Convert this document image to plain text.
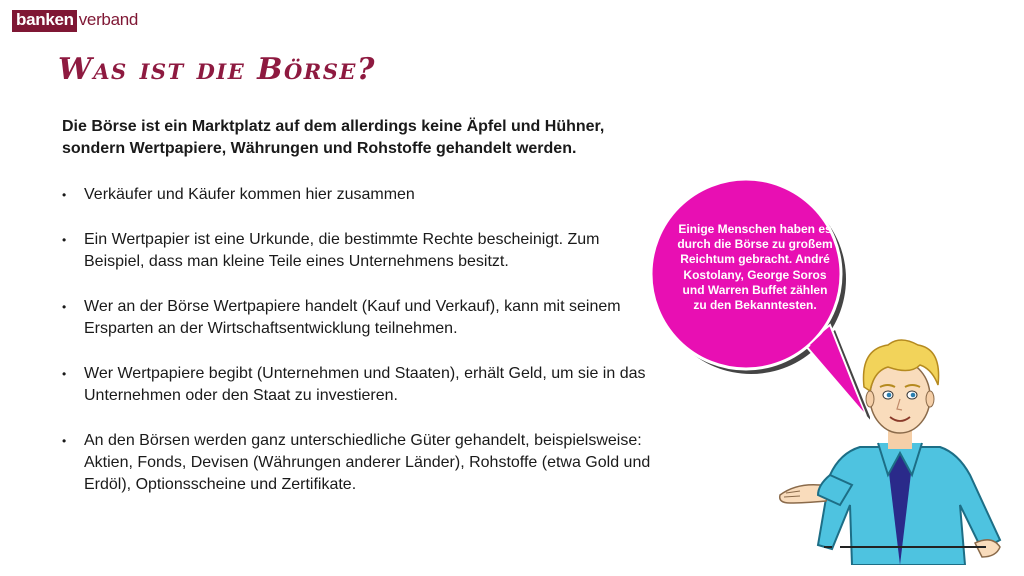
banken verband
Was ist die Börse?

Die Börse ist ein Marktplatz auf dem allerdings keine Äpfel und Hühner, sondern Wertpapiere, Währungen und Rohstoffe gehandelt werden.

• Verkäufer und Käufer kommen hier zusammen
• Ein Wertpapier ist eine Urkunde, die bestimmte Rechte bescheinigt. Zum Beispiel, dass man kleine Teile eines Unternehmens besitzt.
• Wer an der Börse Wertpapiere handelt (Kauf und Verkauf), kann mit seinem Ersparten an der Wirtschaftsentwicklung teilnehmen.
• Wer Wertpapiere begibt (Unternehmen und Staaten), erhält Geld, um sie in das Unternehmen oder den Staat zu investieren.
• An den Börsen werden ganz unterschiedliche Güter gehandelt, beispielsweise: Aktien, Fonds, Devisen (Währungen anderer Länder), Rohstoffe (etwa Gold und Erdöl), Optionsscheine und Zertifikate.
Einige Menschen haben es durch die Börse zu großem Reichtum gebracht. André Kostolany, George Soros und Warren Buffet zählen zu den Bekanntesten.
